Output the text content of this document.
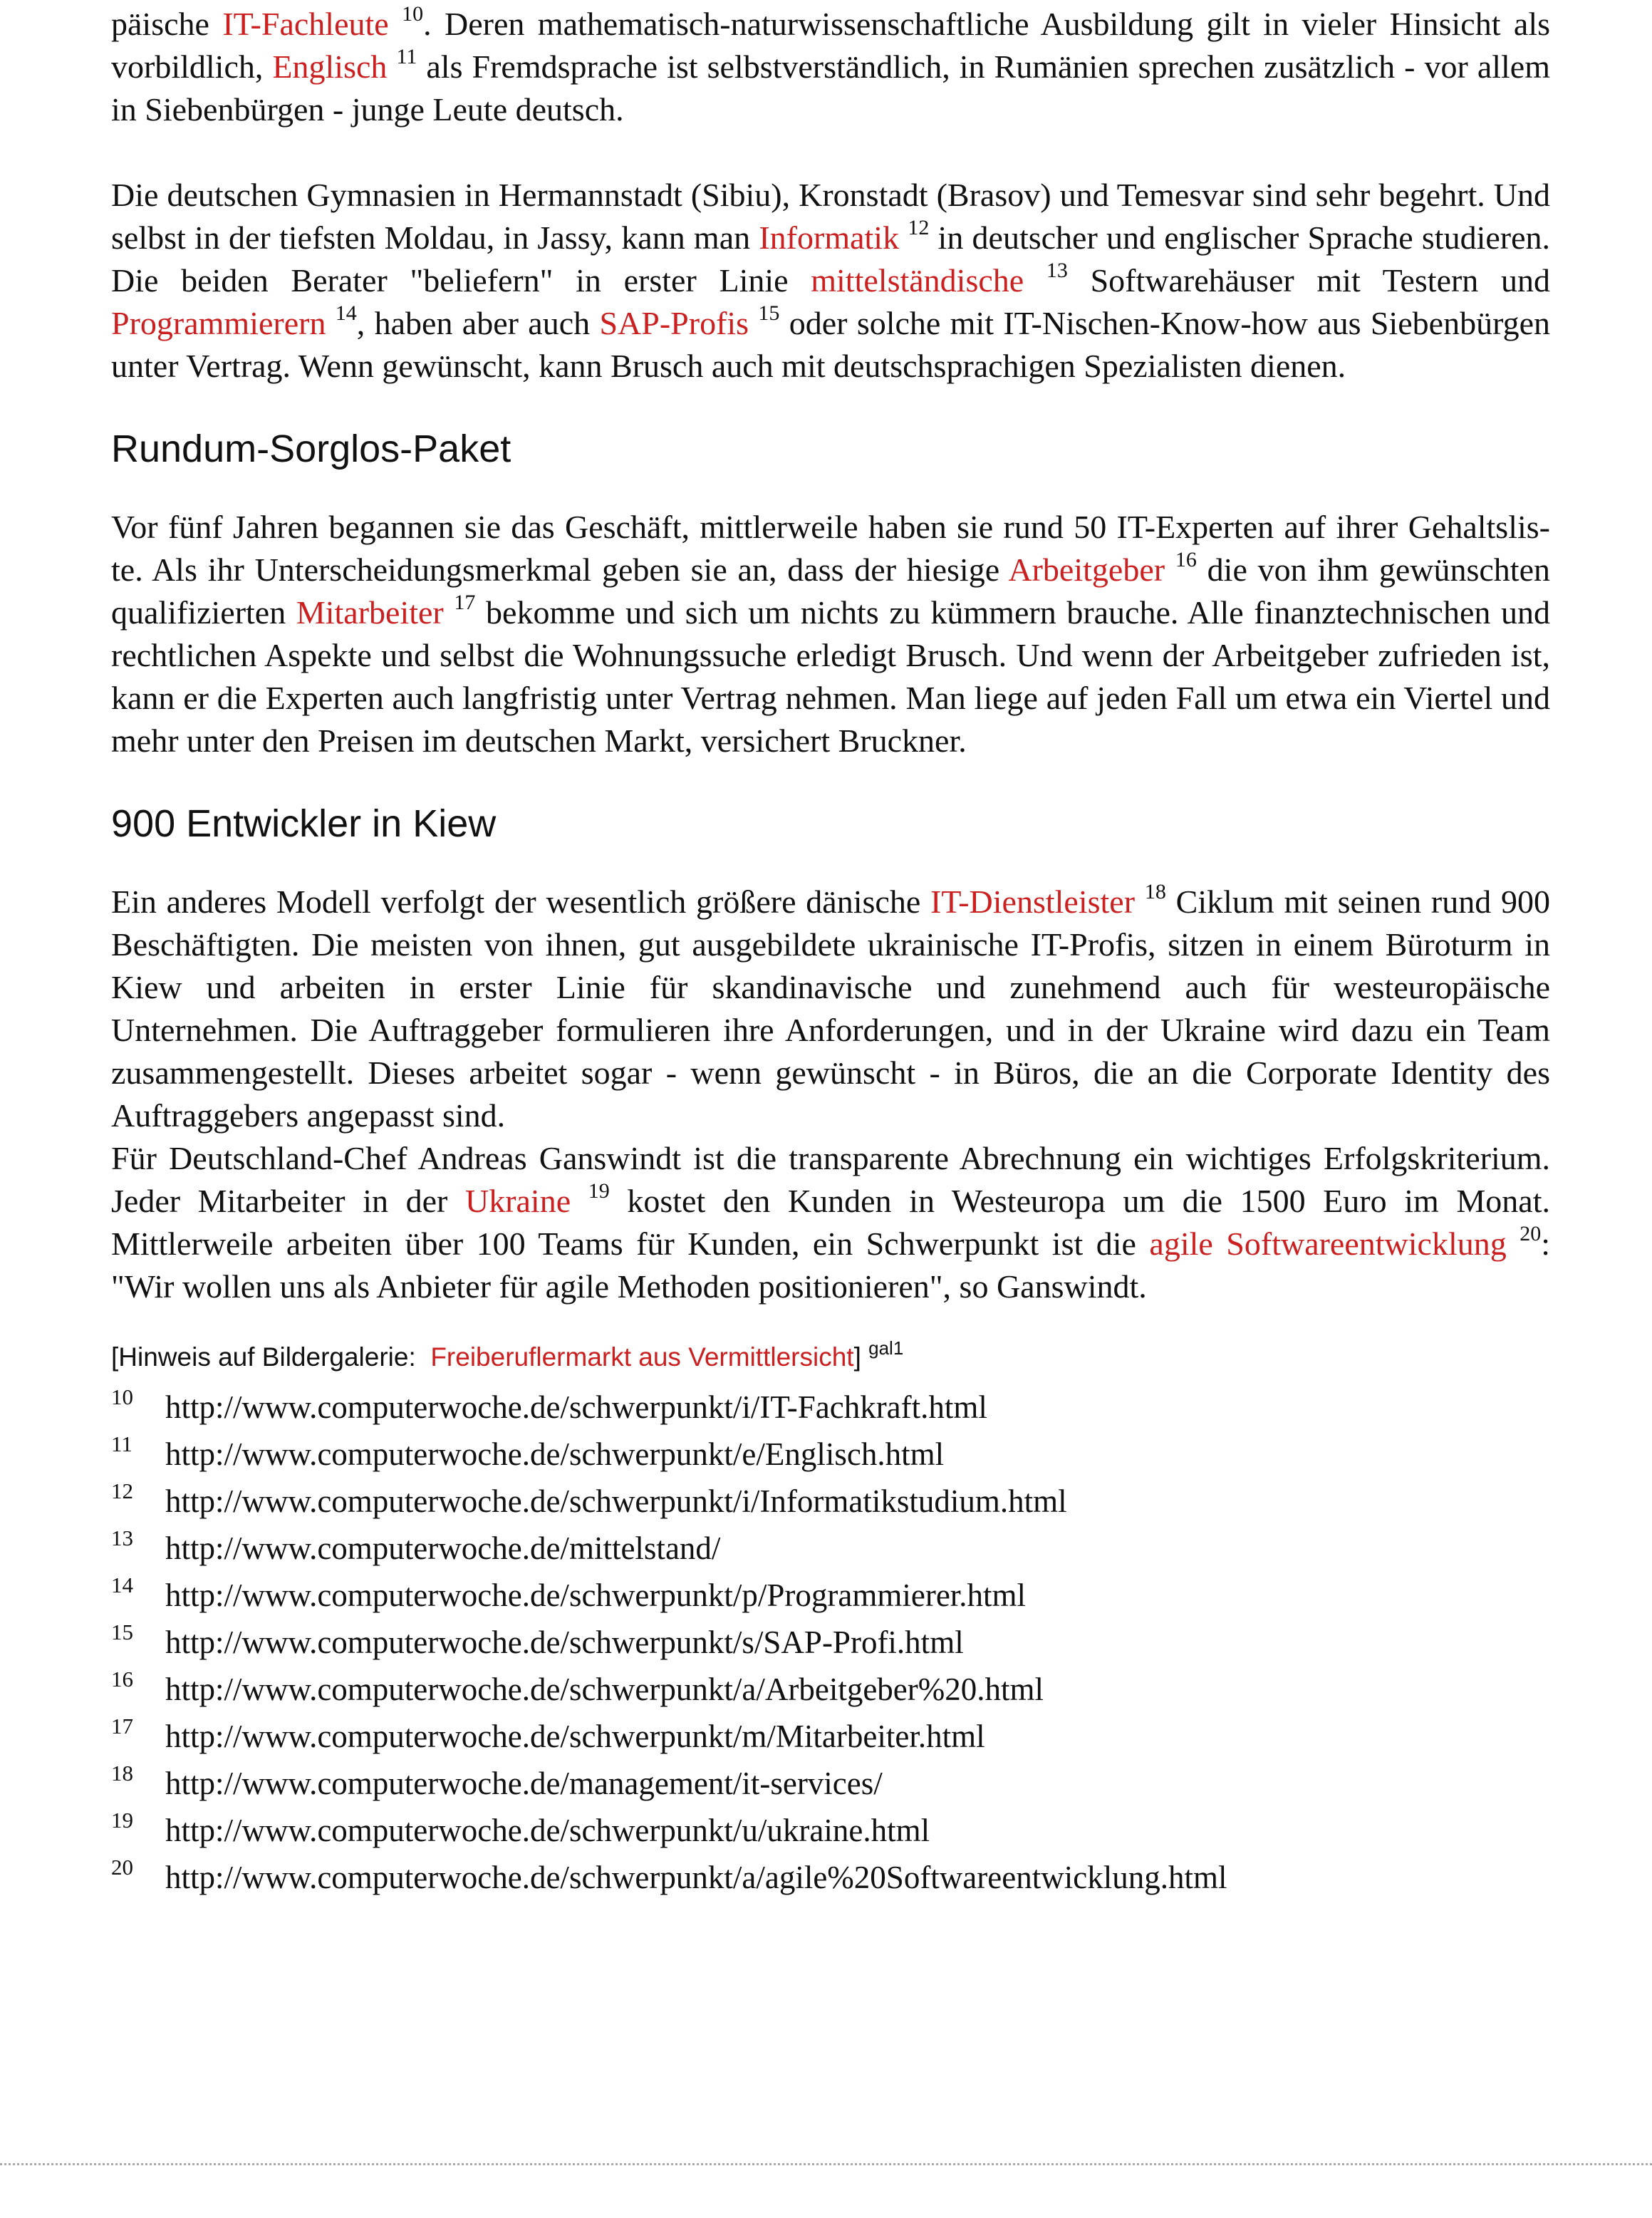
päische IT-Fachleute $^{10}$. Deren mathematisch-naturwissenschaftliche Ausbildung gilt in vieler Hinsicht als vorbildlich, Englisch $^{11}$ als Fremdsprache ist selbstverständlich, in Rumänien sprechen zusätzlich - vor allem in Siebenbürgen - junge Leute deutsch.

Die deutschen Gymnasien in Hermannstadt (Sibiu), Kronstadt (Brasov) und Temesvar sind sehr begehrt. Und selbst in der tiefsten Moldau, in Jassy, kann man Informatik $^{12}$ in deutscher und englischer Sprache studieren. Die beiden Berater "beliefern" in erster Linie mittelständische $^{13}$ Softwarehäuser mit Testern und Programmierern $^{14}$, haben aber auch SAP-Profis $^{15}$ oder solche mit IT-Nischen-Know-how aus Siebenbürgen unter Vertrag. Wenn gewünscht, kann Brusch auch mit deutschsprachigen Spezialisten dienen.

Rundum-Sorglos-Paket

Vor fünf Jahren begannen sie das Geschäft, mittlerweile haben sie rund 50 IT-Experten auf ihrer Gehaltslis-te. Als ihr Unterscheidungsmerkmal geben sie an, dass der hiesige Arbeitgeber $^{16}$ die von ihm gewünschten qualifizierten Mitarbeiter $^{17}$ bekomme und sich um nichts zu kümmern brauche. Alle finanztechnischen und rechtlichen Aspekte und selbst die Wohnungssuche erledigt Brusch. Und wenn der Arbeitgeber zufrieden ist, kann er die Experten auch langfristig unter Vertrag nehmen. Man liege auf jeden Fall um etwa ein Viertel und mehr unter den Preisen im deutschen Markt, versichert Bruckner.

900 Entwickler in Kiew

Ein anderes Modell verfolgt der wesentlich größere dänische IT-Dienstleister $^{18}$ Ciklum mit seinen rund 900 Beschäftigten. Die meisten von ihnen, gut ausgebildete ukrainische IT-Profis, sitzen in einem Büroturm in Kiew und arbeiten in erster Linie für skandinavische und zunehmend auch für westeuropäische Unternehmen. Die Auftraggeber formulieren ihre Anforderungen, und in der Ukraine wird dazu ein Team zusammengestellt. Dieses arbeitet sogar - wenn gewünscht - in Büros, die an die Corporate Identity des Auftraggebers angepasst sind.

Für Deutschland-Chef Andreas Ganswindt ist die transparente Abrechnung ein wichtiges Erfolgskriterium. Jeder Mitarbeiter in der Ukraine $^{19}$ kostet den Kunden in Westeuropa um die 1500 Euro im Monat. Mittlerweile arbeiten über 100 Teams für Kunden, ein Schwerpunkt ist die agile Softwareentwicklung $^{20}$: "Wir wollen uns als Anbieter für agile Methoden positionieren", so Ganswindt.

[Hinweis auf Bildergalerie:  Freiberuflermarkt aus Vermittlersicht] $^{gal1}$

10 http://www.computerwoche.de/schwerpunkt/i/IT-Fachkraft.html
11 http://www.computerwoche.de/schwerpunkt/e/Englisch.html
12 http://www.computerwoche.de/schwerpunkt/i/Informatikstudium.html
13 http://www.computerwoche.de/mittelstand/
14 http://www.computerwoche.de/schwerpunkt/p/Programmierer.html
15 http://www.computerwoche.de/schwerpunkt/s/SAP-Profi.html
16 http://www.computerwoche.de/schwerpunkt/a/Arbeitgeber%20.html
17 http://www.computerwoche.de/schwerpunkt/m/Mitarbeiter.html
18 http://www.computerwoche.de/management/it-services/
19 http://www.computerwoche.de/schwerpunkt/u/ukraine.html
20 http://www.computerwoche.de/schwerpunkt/a/agile%20Softwareentwicklung.html
